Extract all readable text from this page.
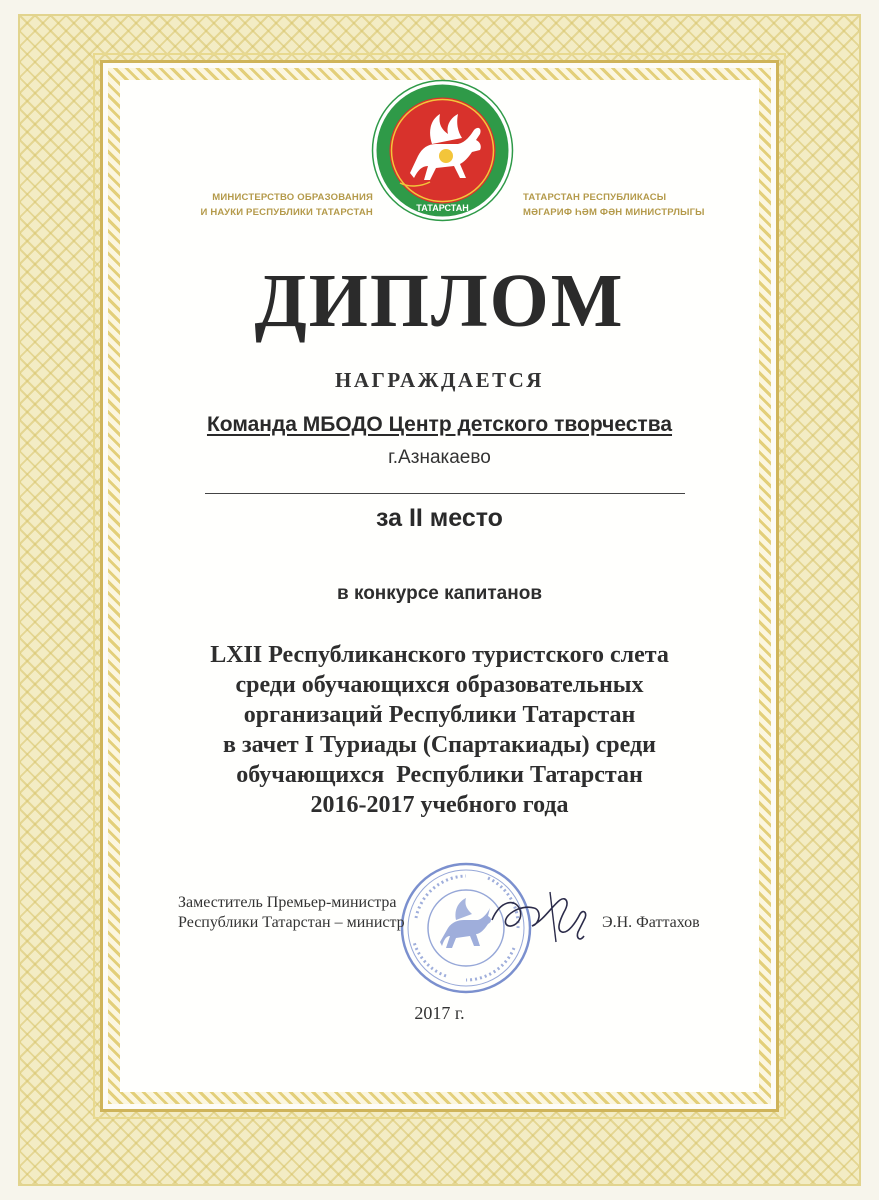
ТАТАРСТАН
МИНИСТЕРСТВО ОБРАЗОВАНИЯ
И НАУКИ РЕСПУБЛИКИ ТАТАРСТАН
ТАТАРСТАН РЕСПУБЛИКАСЫ
МӘГАРИФ ҺӘМ ФӘН МИНИСТРЛЫГЫ
ДИПЛОМ
НАГРАЖДАЕТСЯ
Команда МБОДО Центр детского творчества
г.Азнакаево
за II место
в конкурсе капитанов
LXII Республиканского туристского слета
среди обучающихся образовательных
организаций Республики Татарстан
в зачет I Туриады (Спартакиады) среди
обучающихся  Республики Татарстан
2016-2017 учебного года
Заместитель Премьер-министра
Республики Татарстан – министр	Э.Н. Фаттахов
2017 г.
